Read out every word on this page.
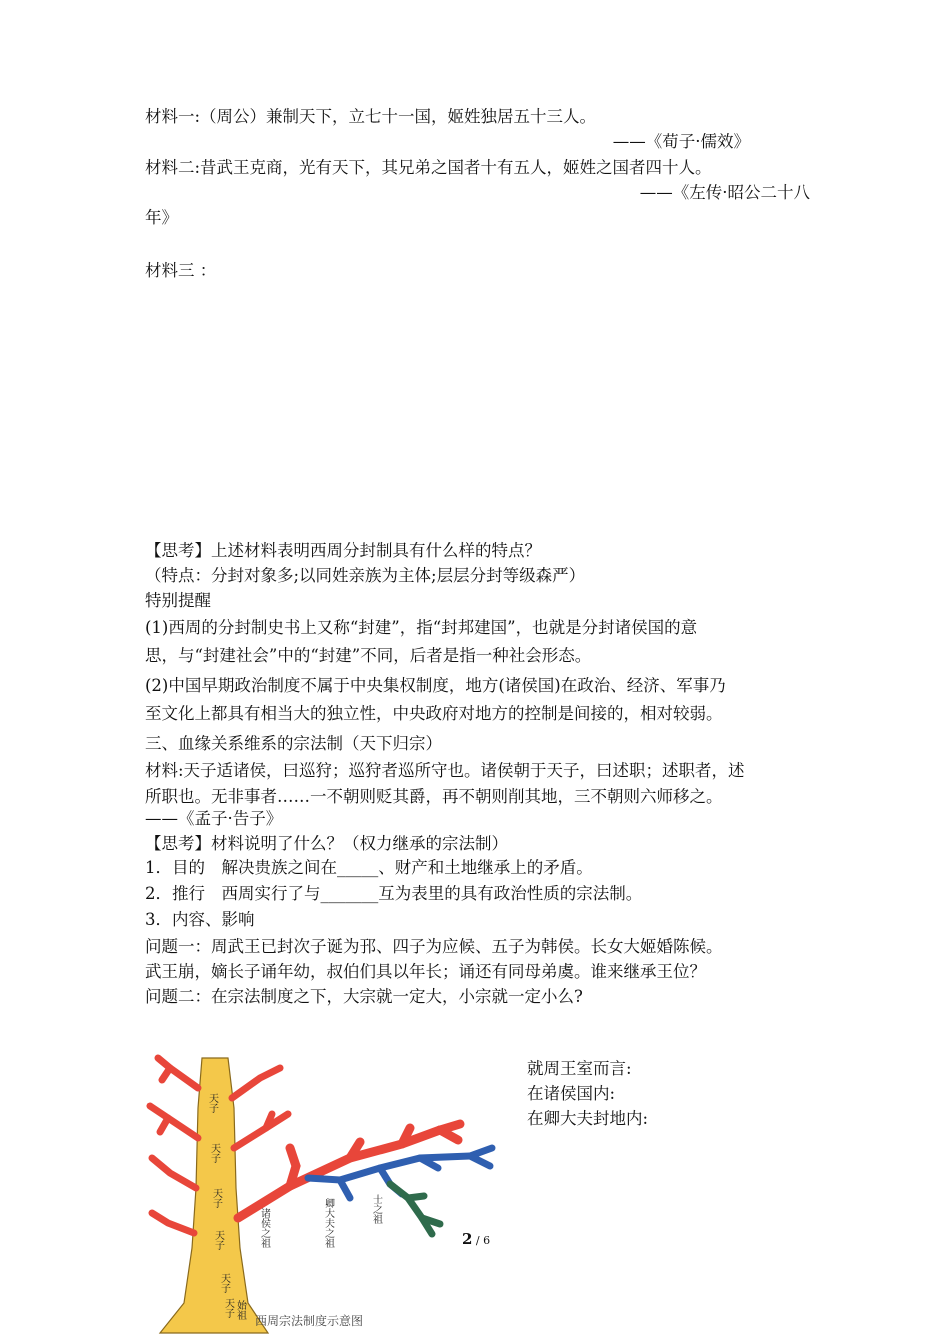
材料一:（周公）兼制天下，立七十一国，姬姓独居五十三人。
——《荀子·儒效》
材料二:昔武王克商，光有天下，其兄弟之国者十有五人，姬姓之国者四十人。
——《左传·昭公二十八
年》
材料三 ：
【思考】上述材料表明西周分封制具有什么样的特点？
（特点：分封对象多;以同姓亲族为主体;层层分封等级森严）
特别提醒
(1)西周的分封制史书上又称“封建”，指“封邦建国”，也就是分封诸侯国的意
思，与“封建社会”中的“封建”不同，后者是指一种社会形态。
(2)中国早期政治制度不属于中央集权制度，地方(诸侯国)在政治、经济、军事乃
至文化上都具有相当大的独立性，中央政府对地方的控制是间接的，相对较弱。
三、血缘关系维系的宗法制（天下归宗）
材料:天子适诸侯，曰巡狩；巡狩者巡所守也。诸侯朝于天子，曰述职；述职者，述
所职也。无非事者……一不朝则贬其爵，再不朝则削其地，三不朝则六师移之。
——《孟子·告子》
【思考】材料说明了什么？（权力继承的宗法制）
1．目的　解决贵族之间在_____、财产和土地继承上的矛盾。
2．推行　西周实行了与_______互为表里的具有政治性质的宗法制。
3．内容、影响
问题一：周武王已封次子诞为邘、四子为应候、五子为韩侯。长女大姬婚陈候。
武王崩，嫡长子诵年幼，叔伯们具以年长；诵还有同母弟虞。谁来继承王位？
问题二：在宗法制度之下，大宗就一定大，小宗就一定小么?
就周王室而言:
在诸侯国内:
在卿大夫封地内:
天子
天子
天子
天子
天子
天子 始祖
诸侯之祖	卿大夫之祖	士之祖
西周宗法制度示意图
2 / 6
